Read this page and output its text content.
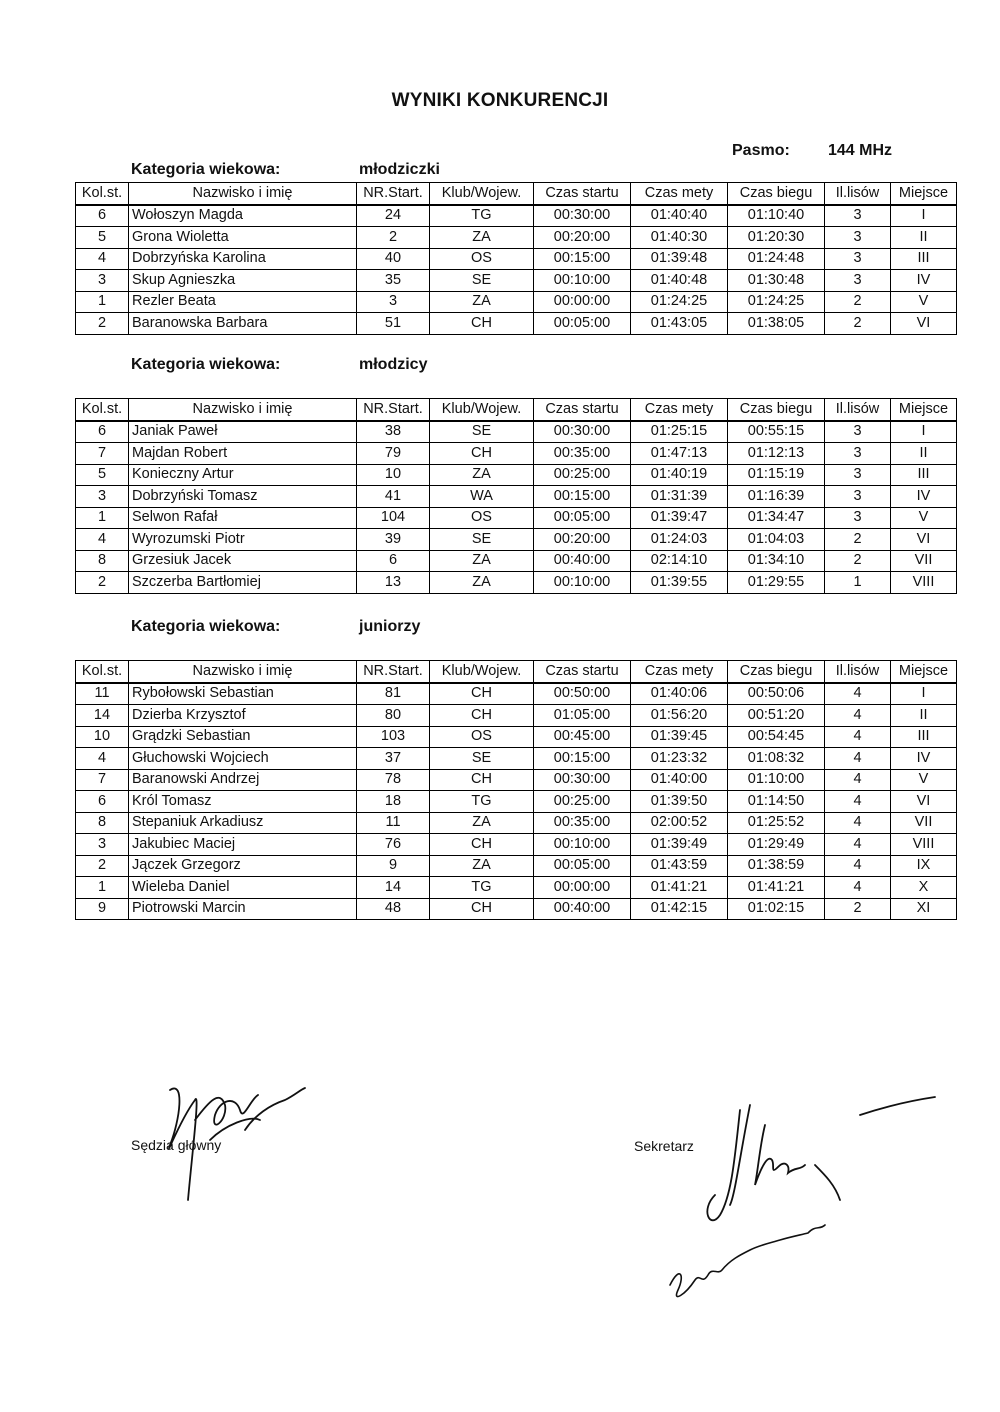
WYNIKI KONKURENCJI
Pasmo: 144 MHz
Kategoria wiekowa:	młodziczki
Kol.st.	Nazwisko i imię	NR.Start.	Klub/Wojew.	Czas startu	Czas mety	Czas biegu	Il.lisów	Miejsce
6	Wołoszyn Magda	24	TG	00:30:00	01:40:40	01:10:40	3	I
5	Grona Wioletta	2	ZA	00:20:00	01:40:30	01:20:30	3	II
4	Dobrzyńska Karolina	40	OS	00:15:00	01:39:48	01:24:48	3	III
3	Skup Agnieszka	35	SE	00:10:00	01:40:48	01:30:48	3	IV
1	Rezler Beata	3	ZA	00:00:00	01:24:25	01:24:25	2	V
2	Baranowska Barbara	51	CH	00:05:00	01:43:05	01:38:05	2	VI
Kategoria wiekowa:	młodzicy
Kol.st.	Nazwisko i imię	NR.Start.	Klub/Wojew.	Czas startu	Czas mety	Czas biegu	Il.lisów	Miejsce
6	Janiak Paweł	38	SE	00:30:00	01:25:15	00:55:15	3	I
7	Majdan Robert	79	CH	00:35:00	01:47:13	01:12:13	3	II
5	Konieczny Artur	10	ZA	00:25:00	01:40:19	01:15:19	3	III
3	Dobrzyński Tomasz	41	WA	00:15:00	01:31:39	01:16:39	3	IV
1	Selwon Rafał	104	OS	00:05:00	01:39:47	01:34:47	3	V
4	Wyrozumski Piotr	39	SE	00:20:00	01:24:03	01:04:03	2	VI
8	Grzesiuk Jacek	6	ZA	00:40:00	02:14:10	01:34:10	2	VII
2	Szczerba Bartłomiej	13	ZA	00:10:00	01:39:55	01:29:55	1	VIII
Kategoria wiekowa:	juniorzy
Kol.st.	Nazwisko i imię	NR.Start.	Klub/Wojew.	Czas startu	Czas mety	Czas biegu	Il.lisów	Miejsce
11	Rybołowski Sebastian	81	CH	00:50:00	01:40:06	00:50:06	4	I
14	Dzierba Krzysztof	80	CH	01:05:00	01:56:20	00:51:20	4	II
10	Grądzki Sebastian	103	OS	00:45:00	01:39:45	00:54:45	4	III
4	Głuchowski Wojciech	37	SE	00:15:00	01:23:32	01:08:32	4	IV
7	Baranowski Andrzej	78	CH	00:30:00	01:40:00	01:10:00	4	V
6	Król Tomasz	18	TG	00:25:00	01:39:50	01:14:50	4	VI
8	Stepaniuk Arkadiusz	11	ZA	00:35:00	02:00:52	01:25:52	4	VII
3	Jakubiec Maciej	76	CH	00:10:00	01:39:49	01:29:49	4	VIII
2	Jączek Grzegorz	9	ZA	00:05:00	01:43:59	01:38:59	4	IX
1	Wieleba Daniel	14	TG	00:00:00	01:41:21	01:41:21	4	X
9	Piotrowski Marcin	48	CH	00:40:00	01:42:15	01:02:15	2	XI
Sędzia główny	Sekretarz
